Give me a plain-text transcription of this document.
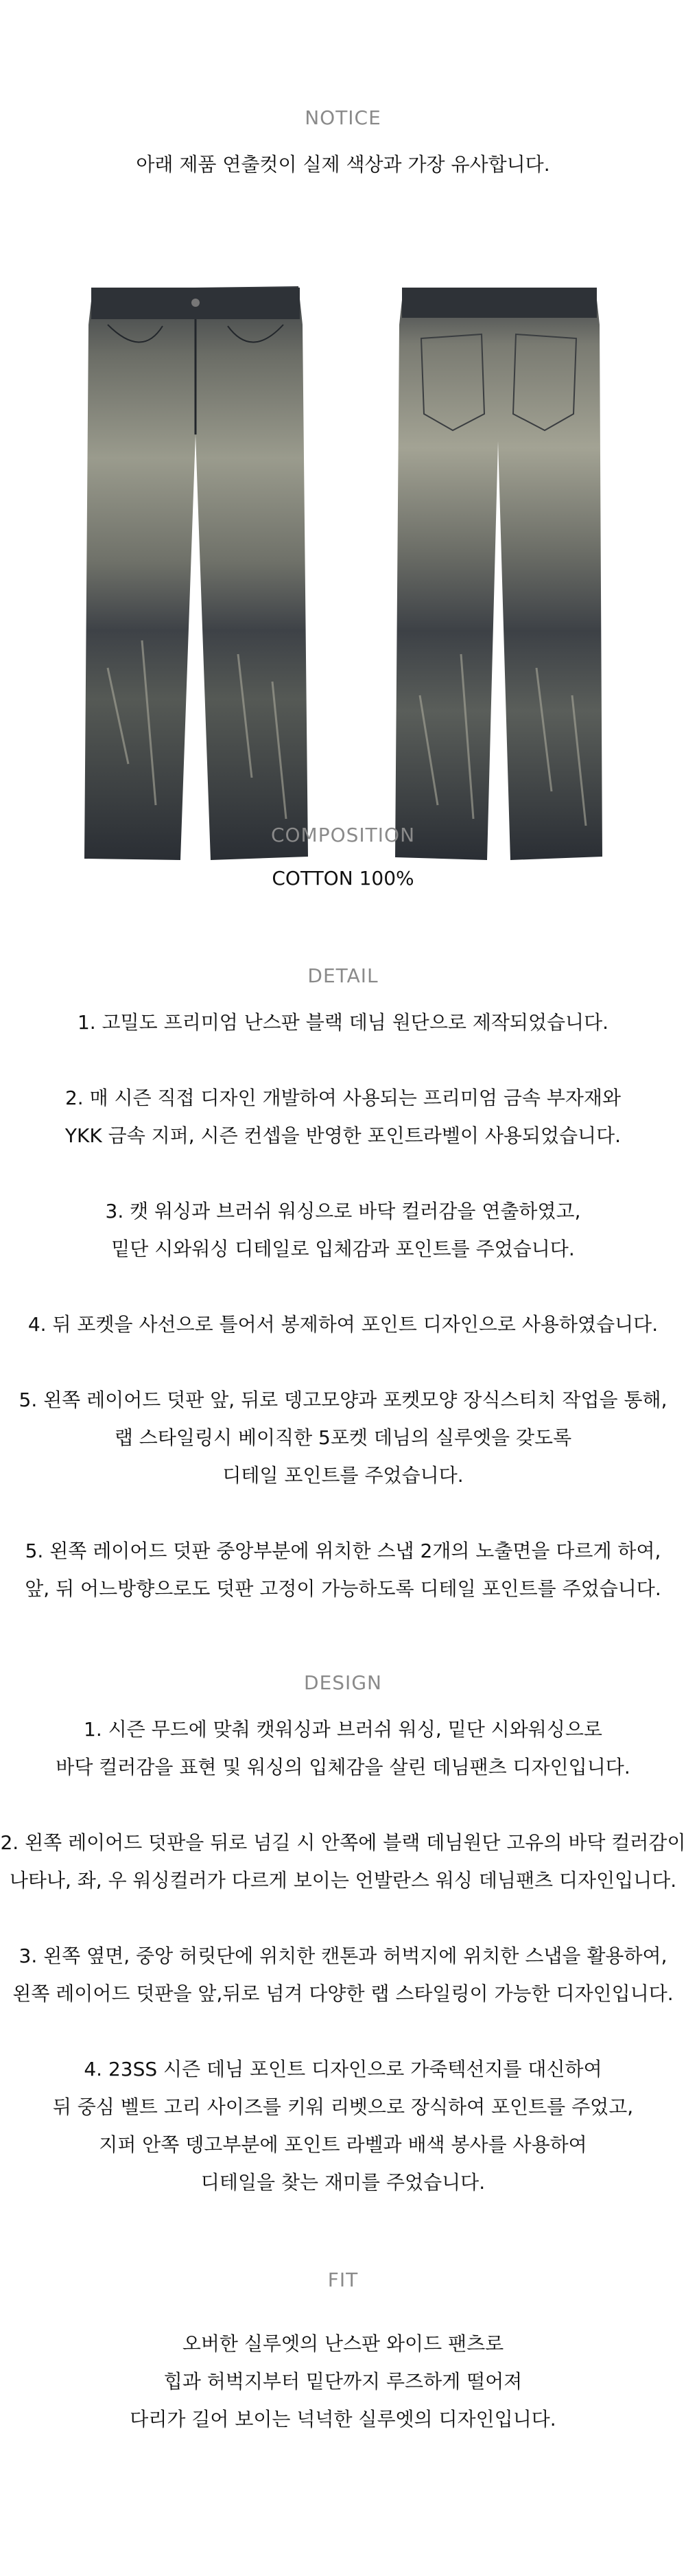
NOTICE
아래 제품 연출컷이 실제 색상과 가장 유사합니다.
COMPOSITION
COTTON 100%
DETAIL
1. 고밀도 프리미엄 난스판 블랙 데님 원단으로 제작되었습니다.
2. 매 시즌 직접 디자인 개발하여 사용되는 프리미엄 금속 부자재와
YKK 금속 지퍼, 시즌 컨셉을 반영한 포인트라벨이 사용되었습니다.
3. 캣 워싱과 브러쉬 워싱으로 바닥 컬러감을 연출하였고,
밑단 시와워싱 디테일로 입체감과 포인트를 주었습니다.
4. 뒤 포켓을 사선으로 틀어서 봉제하여 포인트 디자인으로 사용하였습니다.
5. 왼쪽 레이어드 덧판 앞, 뒤로 뎅고모양과 포켓모양 장식스티치 작업을 통해,
랩 스타일링시 베이직한 5포켓 데님의 실루엣을 갖도록
디테일 포인트를 주었습니다.
5. 왼쪽 레이어드 덧판 중앙부분에 위치한 스냅 2개의 노출면을 다르게 하여,
앞, 뒤 어느방향으로도 덧판 고정이 가능하도록 디테일 포인트를 주었습니다.
DESIGN
1. 시즌 무드에 맞춰 캣워싱과 브러쉬 워싱, 밑단 시와워싱으로
바닥 컬러감을 표현 및 워싱의 입체감을 살린 데님팬츠 디자인입니다.
2. 왼쪽 레이어드 덧판을 뒤로 넘길 시 안쪽에 블랙 데님원단 고유의 바닥 컬러감이
나타나, 좌, 우 워싱컬러가 다르게 보이는 언발란스 워싱 데님팬츠 디자인입니다.
3. 왼쪽 옆면, 중앙 허릿단에 위치한 캔톤과 허벅지에 위치한 스냅을 활용하여,
왼쪽 레이어드 덧판을 앞,뒤로 넘겨 다양한 랩 스타일링이 가능한 디자인입니다.
4. 23SS 시즌 데님 포인트 디자인으로 가죽텍선지를 대신하여
뒤 중심 벨트 고리 사이즈를 키워 리벳으로 장식하여 포인트를 주었고,
지퍼 안쪽 뎅고부분에 포인트 라벨과 배색 봉사를 사용하여
디테일을 찾는 재미를 주었습니다.
FIT
오버한 실루엣의 난스판 와이드 팬츠로
힙과 허벅지부터 밑단까지 루즈하게 떨어져
다리가 길어 보이는 넉넉한 실루엣의 디자인입니다.
